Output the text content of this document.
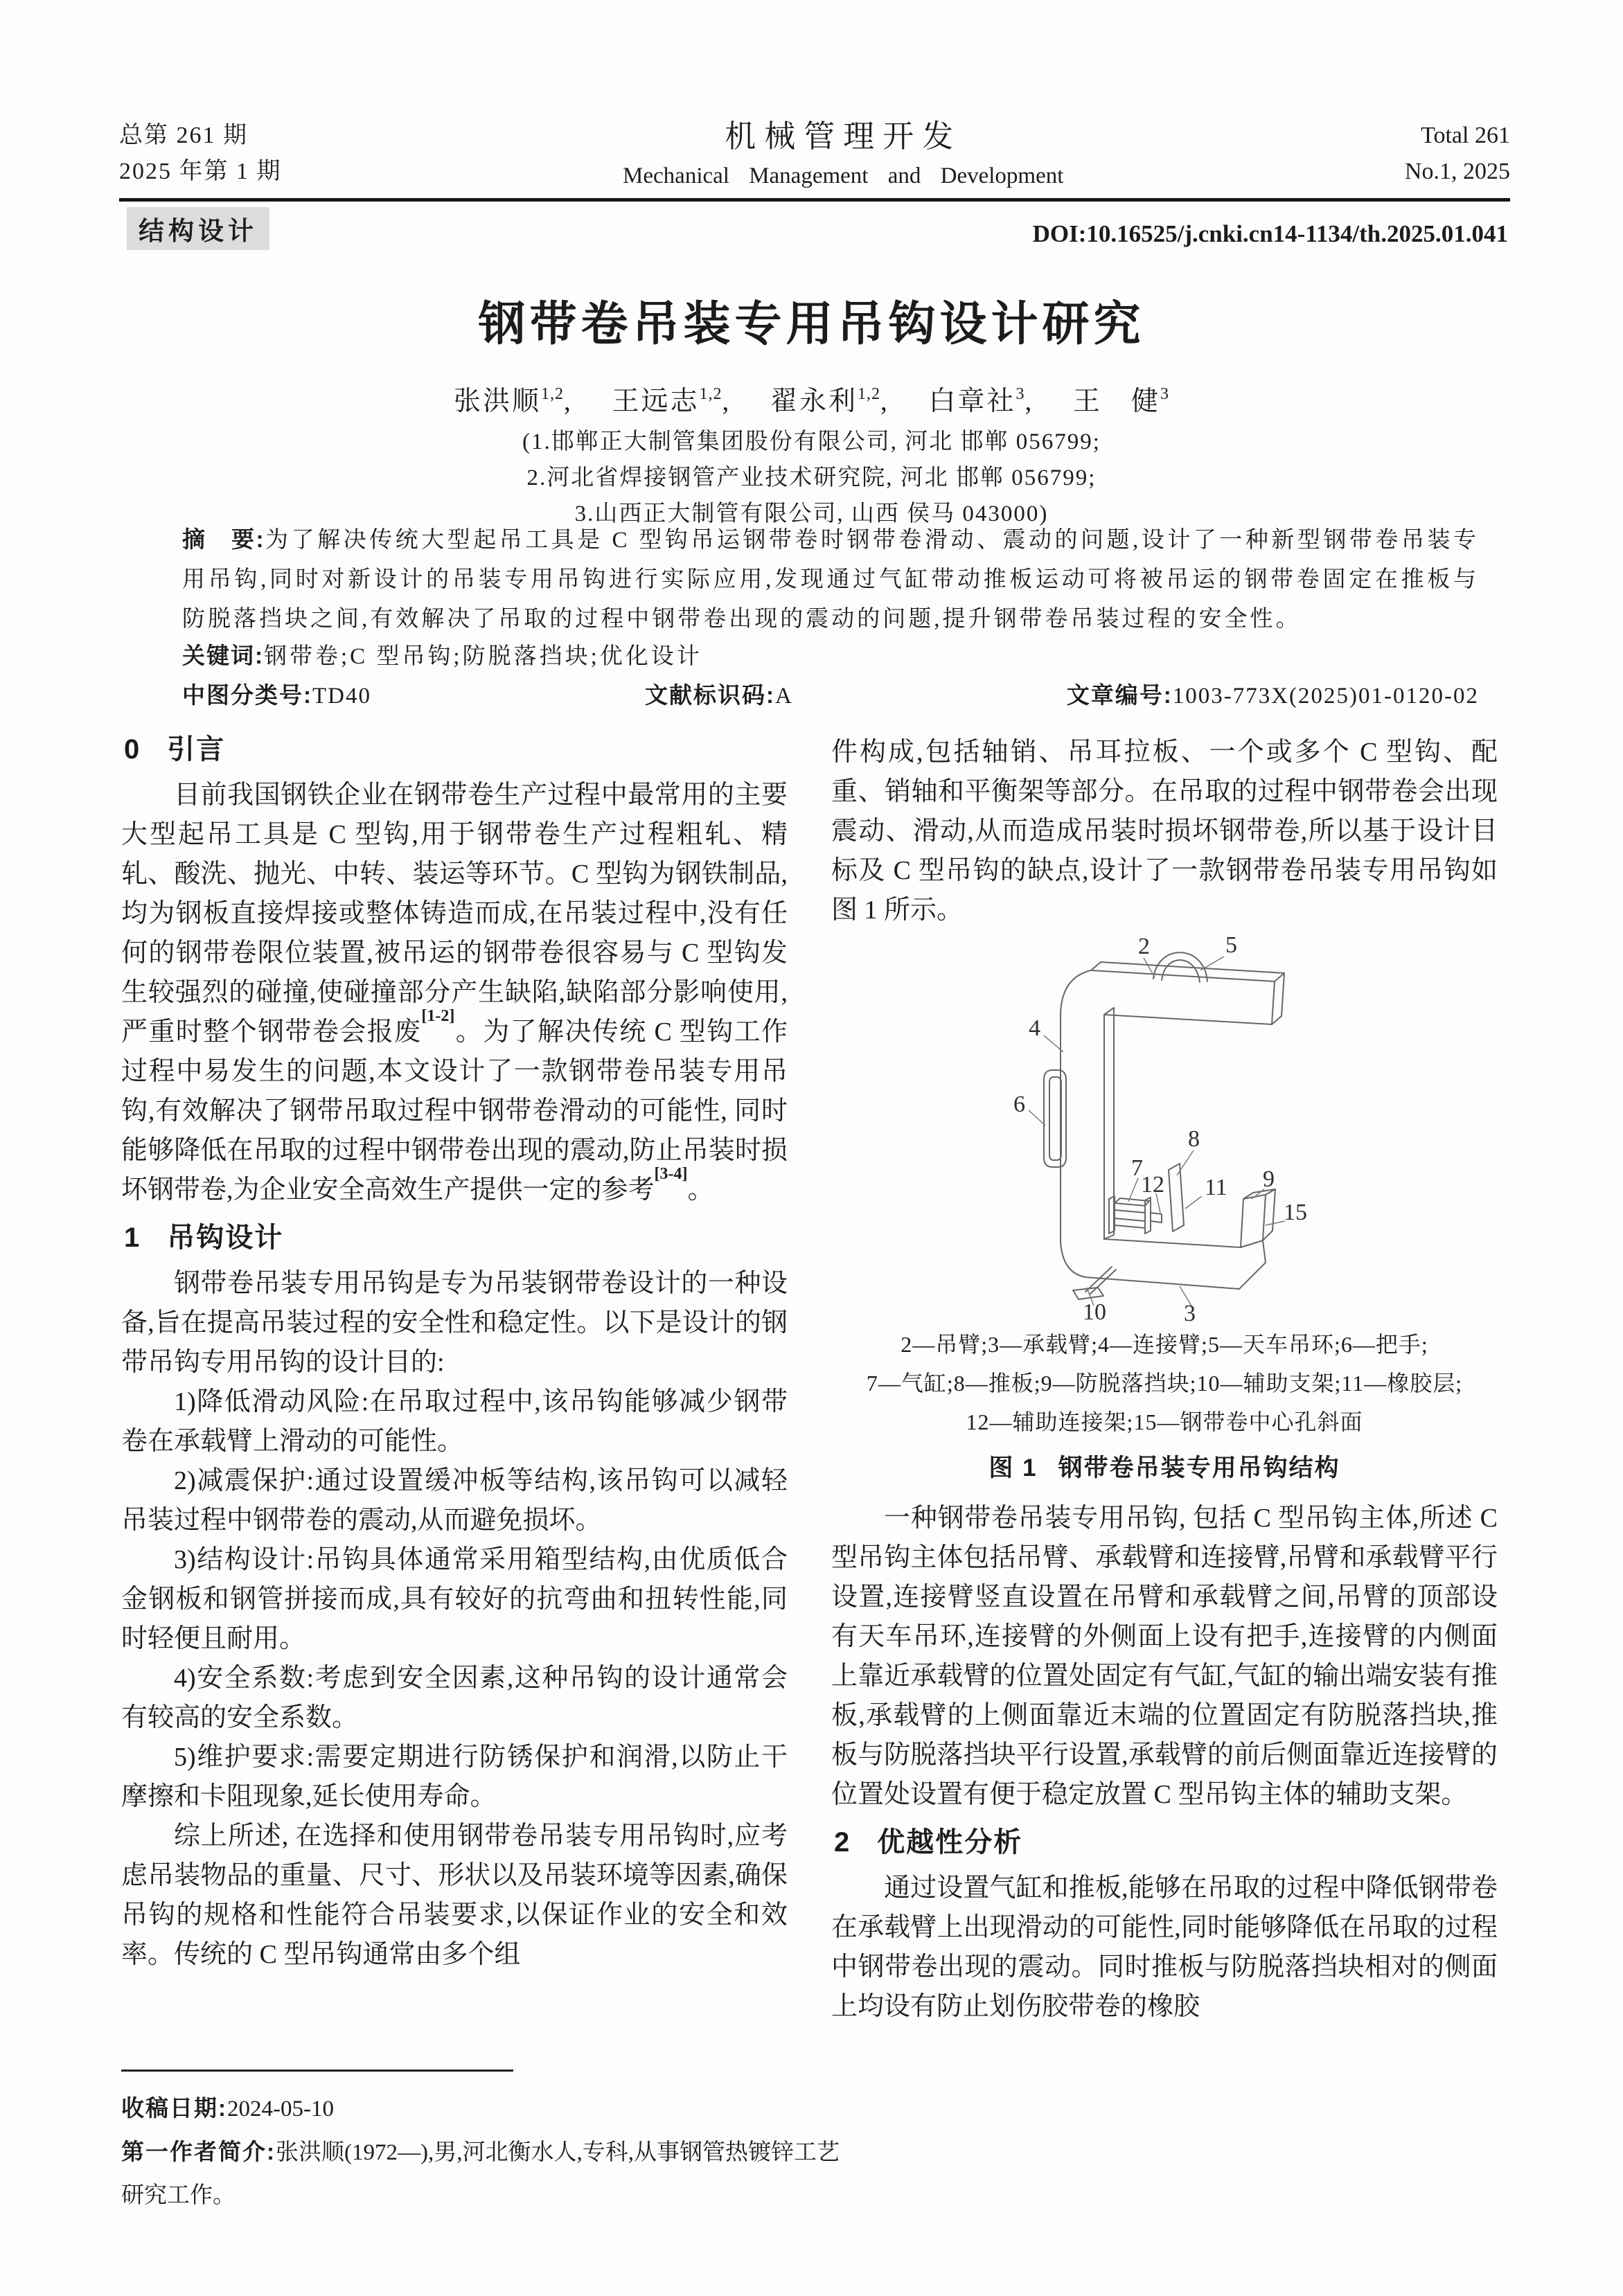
总第 261 期
2025 年第 1 期
机械管理开发
Mechanical Management and Development
Total 261
No.1, 2025
结构设计	DOI:10.16525/j.cnki.cn14-1134/th.2025.01.041
钢带卷吊装专用吊钩设计研究
张洪顺$^{1,2}$, 王远志$^{1,2}$, 翟永利$^{1,2}$, 白章社$^3$, 王　健$^3$
(1.邯郸正大制管集团股份有限公司, 河北 邯郸 056799;
2.河北省焊接钢管产业技术研究院, 河北 邯郸 056799;
3.山西正大制管有限公司, 山西 侯马 043000)
摘　要:为了解决传统大型起吊工具是 C 型钩吊运钢带卷时钢带卷滑动、震动的问题,设计了一种新型钢带卷吊装专用吊钩,同时对新设计的吊装专用吊钩进行实际应用,发现通过气缸带动推板运动可将被吊运的钢带卷固定在推板与防脱落挡块之间,有效解决了吊取的过程中钢带卷出现的震动的问题,提升钢带卷吊装过程的安全性。
关键词:钢带卷;C 型吊钩;防脱落挡块;优化设计
中图分类号:TD40	文献标识码:A	文章编号:1003-773X(2025)01-0120-02
0 引言

目前我国钢铁企业在钢带卷生产过程中最常用的主要大型起吊工具是 C 型钩,用于钢带卷生产过程粗轧、精轧、酸洗、抛光、中转、装运等环节。C 型钩为钢铁制品,均为钢板直接焊接或整体铸造而成,在吊装过程中,没有任何的钢带卷限位装置,被吊运的钢带卷很容易与 C 型钩发生较强烈的碰撞,使碰撞部分产生缺陷,缺陷部分影响使用,严重时整个钢带卷会报废[1-2]。为了解决传统 C 型钩工作过程中易发生的问题,本文设计了一款钢带卷吊装专用吊钩,有效解决了钢带吊取过程中钢带卷滑动的可能性, 同时能够降低在吊取的过程中钢带卷出现的震动,防止吊装时损坏钢带卷,为企业安全高效生产提供一定的参考[3-4]。

1 吊钩设计

钢带卷吊装专用吊钩是专为吊装钢带卷设计的一种设备,旨在提高吊装过程的安全性和稳定性。以下是设计的钢带吊钩专用吊钩的设计目的:

1)降低滑动风险:在吊取过程中,该吊钩能够减少钢带卷在承载臂上滑动的可能性。

2)减震保护:通过设置缓冲板等结构,该吊钩可以减轻吊装过程中钢带卷的震动,从而避免损坏。

3)结构设计:吊钩具体通常采用箱型结构,由优质低合金钢板和钢管拼接而成,具有较好的抗弯曲和扭转性能,同时轻便且耐用。

4)安全系数:考虑到安全因素,这种吊钩的设计通常会有较高的安全系数。

5)维护要求:需要定期进行防锈保护和润滑,以防止干摩擦和卡阻现象,延长使用寿命。

综上所述, 在选择和使用钢带卷吊装专用吊钩时,应考虑吊装物品的重量、尺寸、形状以及吊装环境等因素,确保吊钩的规格和性能符合吊装要求,以保证作业的安全和效率。传统的 C 型吊钩通常由多个组

件构成,包括轴销、吊耳拉板、一个或多个 C 型钩、配重、销轴和平衡架等部分。在吊取的过程中钢带卷会出现震动、滑动,从而造成吊装时损坏钢带卷,所以基于设计目标及 C 型吊钩的缺点,设计了一款钢带卷吊装专用吊钩如图 1 所示。

2	5
4
6
8
7
12 11 9
15
10	3
2—吊臂;3—承载臂;4—连接臂;5—天车吊环;6—把手;
7—气缸;8—推板;9—防脱落挡块;10—辅助支架;11—橡胶层;
12—辅助连接架;15—钢带卷中心孔斜面
图 1 钢带卷吊装专用吊钩结构

一种钢带卷吊装专用吊钩, 包括 C 型吊钩主体,所述 C 型吊钩主体包括吊臂、承载臂和连接臂,吊臂和承载臂平行设置,连接臂竖直设置在吊臂和承载臂之间,吊臂的顶部设有天车吊环,连接臂的外侧面上设有把手,连接臂的内侧面上靠近承载臂的位置处固定有气缸,气缸的输出端安装有推板,承载臂的上侧面靠近末端的位置固定有防脱落挡块,推板与防脱落挡块平行设置,承载臂的前后侧面靠近连接臂的位置处设置有便于稳定放置 C 型吊钩主体的辅助支架。

2 优越性分析

通过设置气缸和推板,能够在吊取的过程中降低钢带卷在承载臂上出现滑动的可能性,同时能够降低在吊取的过程中钢带卷出现的震动。同时推板与防脱落挡块相对的侧面上均设有防止划伤胶带卷的橡胶

收稿日期:2024-05-10
第一作者简介:张洪顺(1972—),男,河北衡水人,专科,从事钢管热镀锌工艺研究工作。
